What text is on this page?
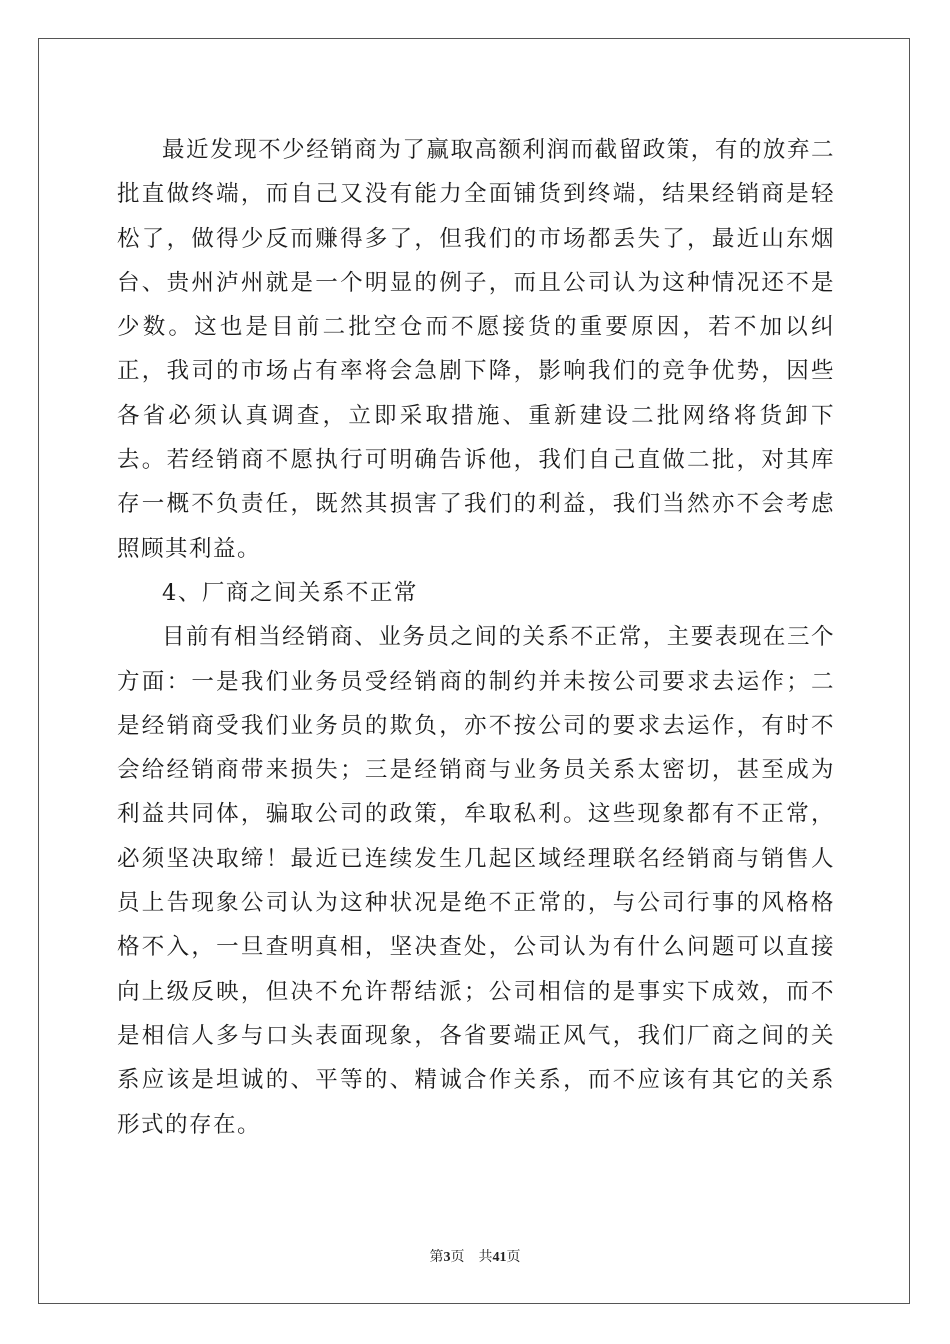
最近发现不少经销商为了赢取高额利润而截留政策，有的放弃二批直做终端，而自己又没有能力全面铺货到终端，结果经销商是轻松了，做得少反而赚得多了，但我们的市场都丢失了，最近山东烟台、贵州泸州就是一个明显的例子，而且公司认为这种情况还不是少数。这也是目前二批空仓而不愿接货的重要原因，若不加以纠正，我司的市场占有率将会急剧下降，影响我们的竞争优势，因些各省必须认真调查，立即采取措施、重新建设二批网络将货卸下去。若经销商不愿执行可明确告诉他，我们自己直做二批，对其库存一概不负责任，既然其损害了我们的利益，我们当然亦不会考虑照顾其利益。

4、厂商之间关系不正常

目前有相当经销商、业务员之间的关系不正常，主要表现在三个方面：一是我们业务员受经销商的制约并未按公司要求去运作；二是经销商受我们业务员的欺负，亦不按公司的要求去运作，有时不会给经销商带来损失；三是经销商与业务员关系太密切，甚至成为利益共同体，骗取公司的政策，牟取私利。这些现象都有不正常，必须坚决取缔！最近已连续发生几起区域经理联名经销商与销售人员上告现象公司认为这种状况是绝不正常的，与公司行事的风格格格不入，一旦查明真相，坚决查处，公司认为有什么问题可以直接向上级反映，但决不允许帮结派；公司相信的是事实下成效，而不是相信人多与口头表面现象，各省要端正风气，我们厂商之间的关系应该是坦诚的、平等的、精诚合作关系，而不应该有其它的关系形式的存在。

第3页 共41页
